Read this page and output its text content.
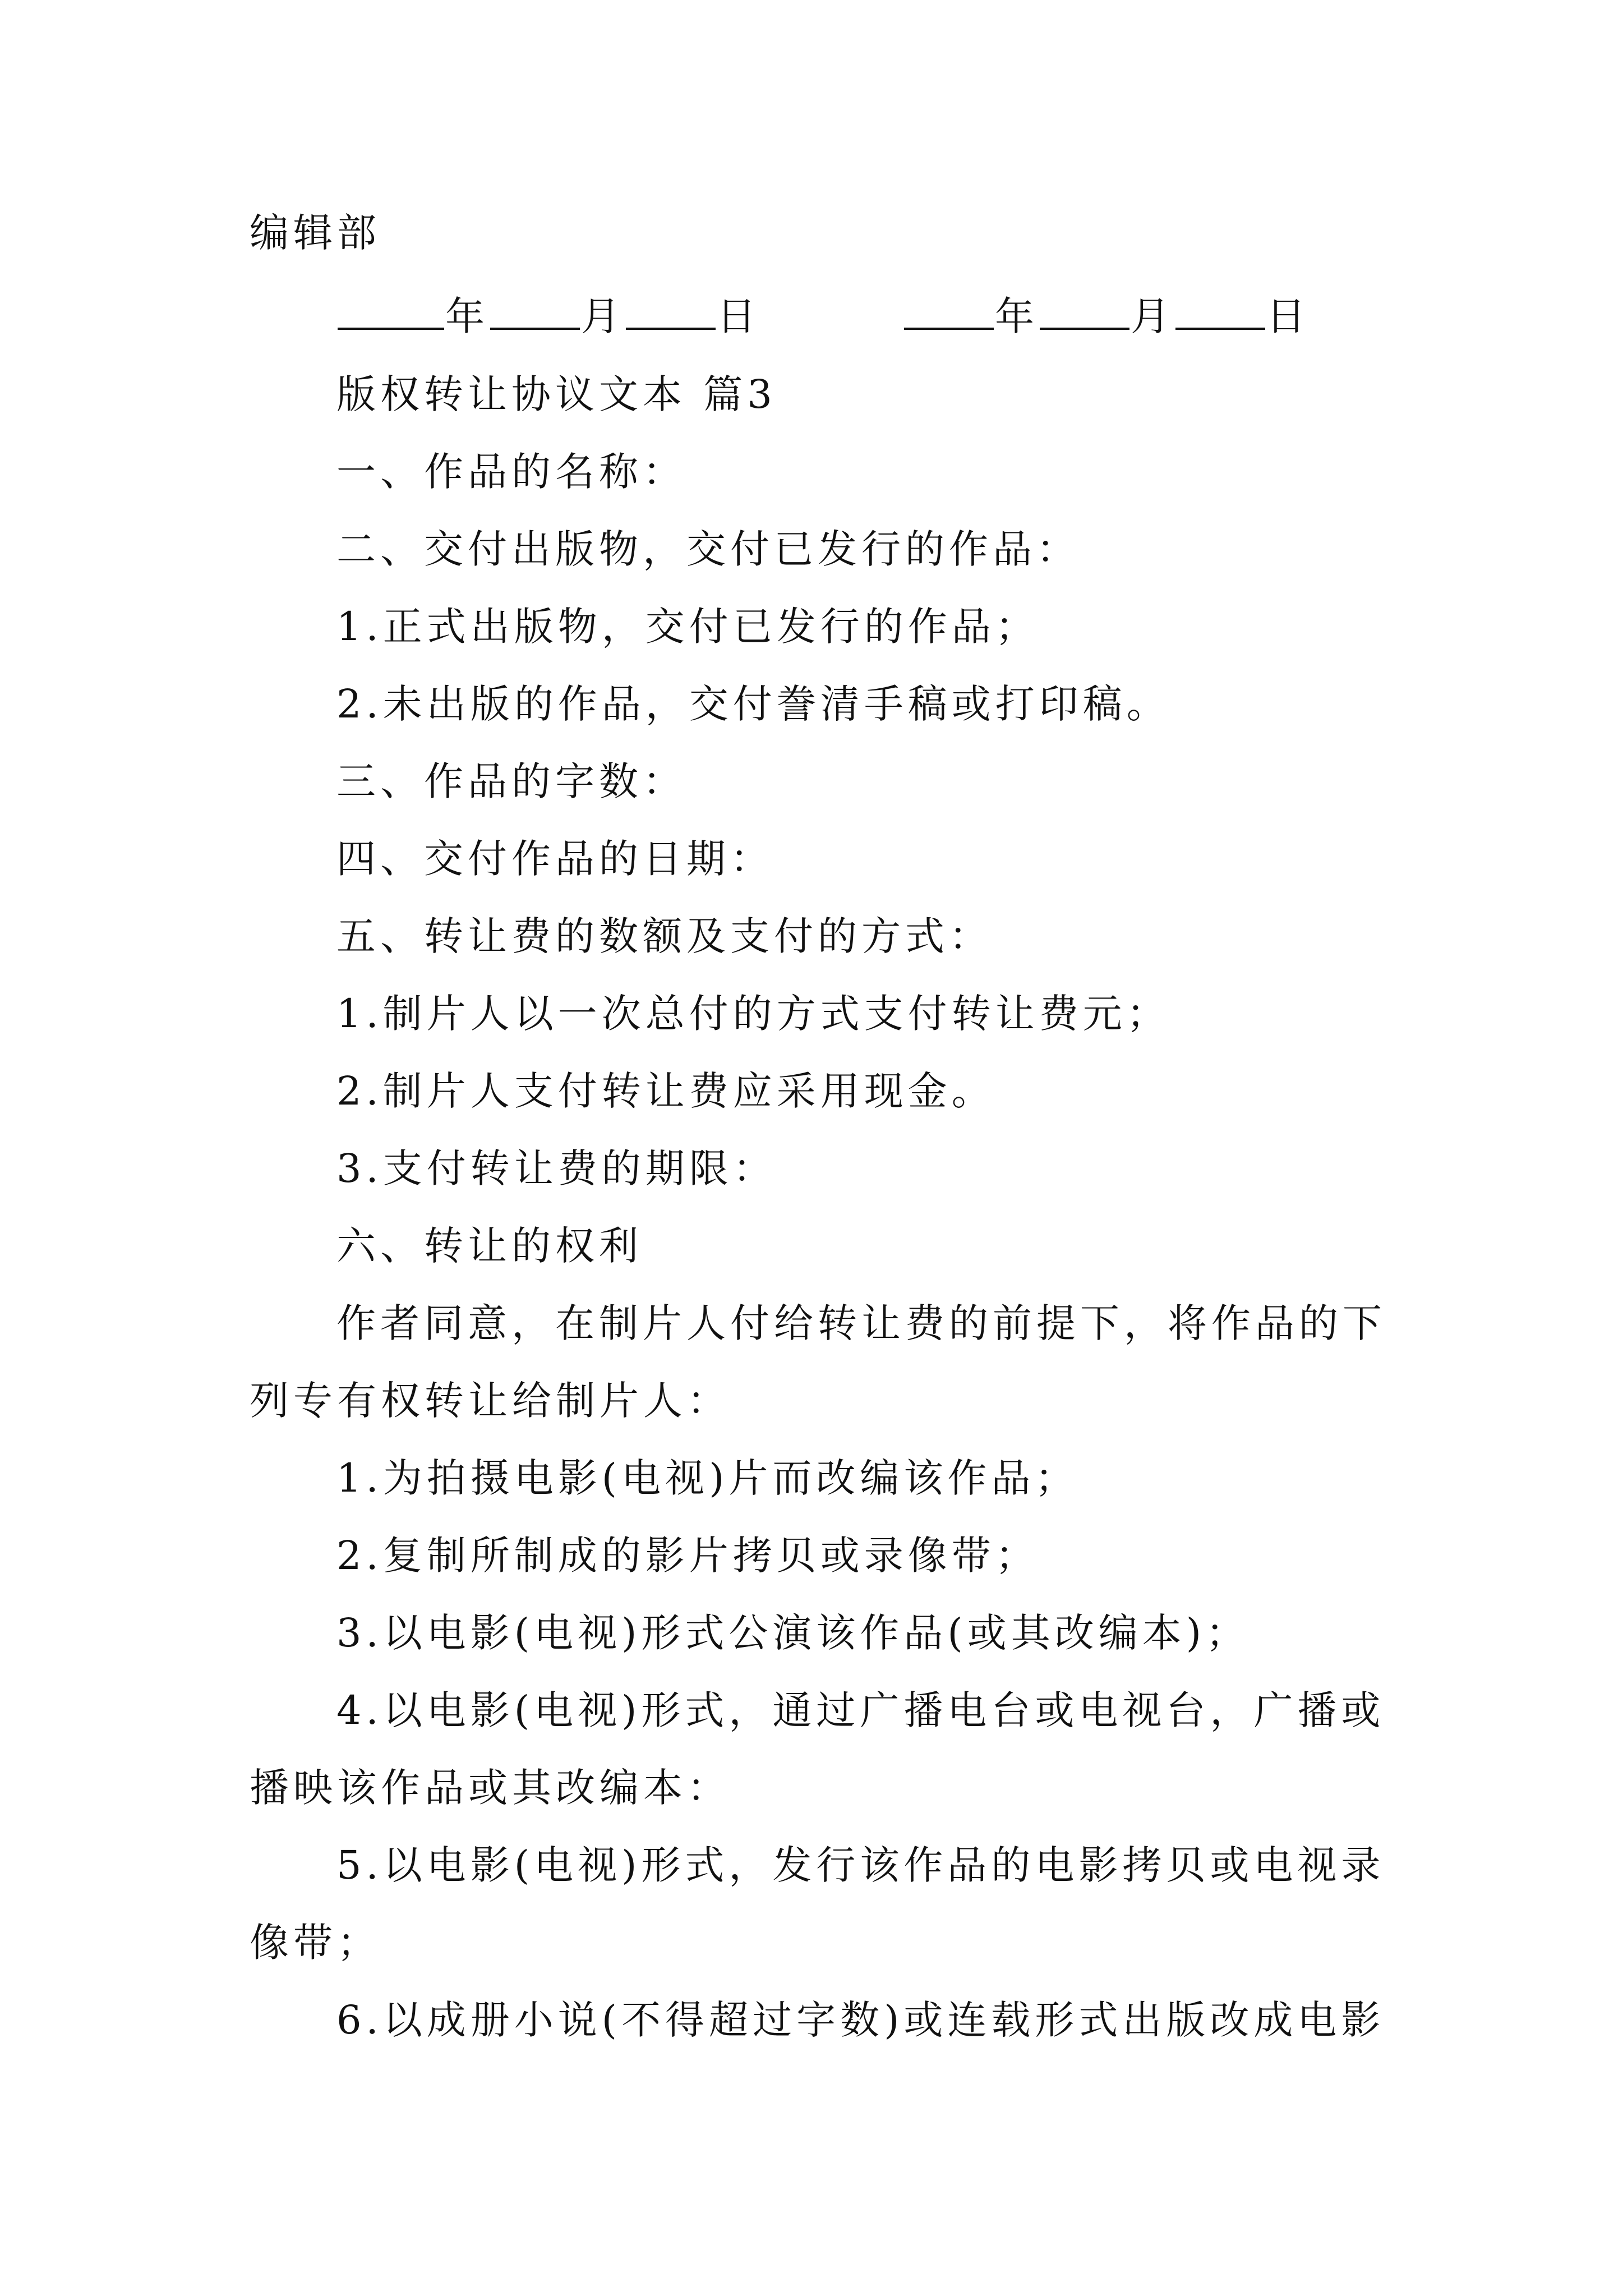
编辑部

年 月 日	年 月 日

版权转让协议文本 篇3

一、作品的名称：

二、交付出版物，交付已发行的作品：

1.正式出版物，交付已发行的作品；

2.未出版的作品，交付誊清手稿或打印稿。

三、作品的字数：

四、交付作品的日期：

五、转让费的数额及支付的方式：

1.制片人以一次总付的方式支付转让费元；

2.制片人支付转让费应采用现金。

3.支付转让费的期限：

六、转让的权利

作者同意，在制片人付给转让费的前提下，将作品的下

列专有权转让给制片人：

1.为拍摄电影(电视)片而改编该作品；

2.复制所制成的影片拷贝或录像带；

3.以电影(电视)形式公演该作品(或其改编本)；

4.以电影(电视)形式，通过广播电台或电视台，广播或

播映该作品或其改编本：

5.以电影(电视)形式，发行该作品的电影拷贝或电视录

像带；

6.以成册小说(不得超过字数)或连载形式出版改成电影
